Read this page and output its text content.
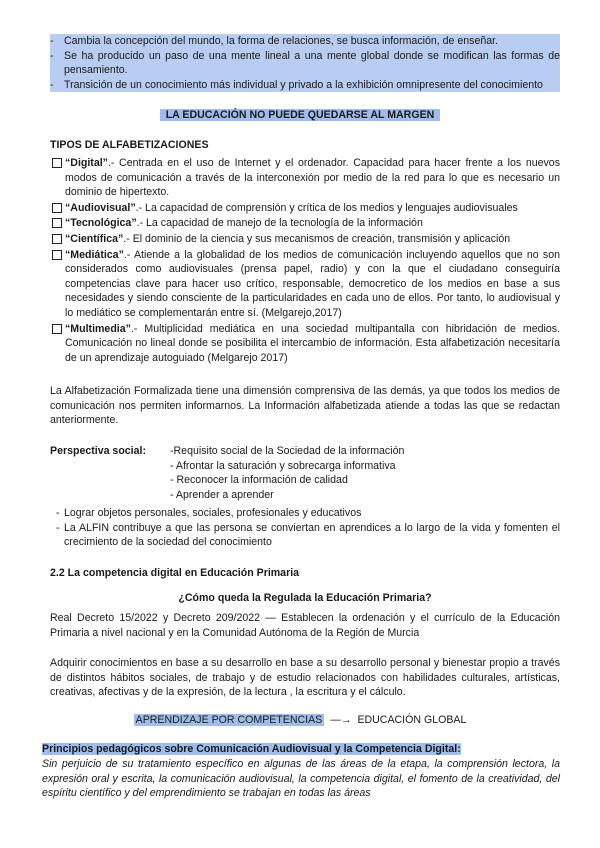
- Cambia la concepción del mundo, la forma de relaciones, se busca información, de enseñar.
- Se ha producido un paso de una mente lineal a una mente global donde se modifican las formas de pensamiento.
- Transición de un conocimiento más individual y privado a la exhibición omnipresente del conocimiento
LA EDUCACIÓN NO PUEDE QUEDARSE AL MARGEN
TIPOS DE ALFABETIZACIONES
“Digital”.- Centrada en el uso de Internet y el ordenador. Capacidad para hacer frente a los nuevos modos de comunicación a través de la interconexión por medio de la red para lo que es necesario un dominio de hipertexto.
“Audiovisual”.- La capacidad de comprensión y crítica de los medios y lenguajes audiovisuales
“Tecnológica”.- La capacidad de manejo de la tecnología de la información
“Científica”.- El dominio de la ciencia y sus mecanismos de creación, transmisión y aplicación
“Mediática”.- Atiende a la globalidad de los medios de comunicación incluyendo aquellos que no son considerados como audiovisuales (prensa papel, radio) y con la que el ciudadano conseguiría competencias clave para hacer uso crítico, responsable, democretico de los medios en base a sus necesidades y siendo consciente de la particularidades en cada uno de ellos. Por tanto, lo audiovisual y lo mediático se complementarán entre sí. (Melgarejo,2017)
“Multimedia”.- Multiplicidad mediática en una sociedad multipantalla con hibridación de medios. Comunicación no lineal donde se posibilita el intercambio de información. Esta alfabetización necesitaría de un aprendizaje autoguiado (Melgarejo 2017)
La Alfabetización Formalizada tiene una dimensión comprensiva de las demás, ya que todos los medios de comunicación nos permiten informarnos. La Información alfabetizada atiende a todas las que se redactan anteriormente.
Perspectiva social:	-Requisito social de la Sociedad de la información
- Afrontar la saturación y sobrecarga informativa
- Reconocer la información de calidad
- Aprender a aprender
- Lograr objetos personales, sociales, profesionales y educativos
- La ALFIN contribuye a que las persona se conviertan en aprendices a lo largo de la vida y fomenten el crecimiento de la sociedad del conocimiento
2.2 La competencia digital en Educación Primaria
¿Cómo queda la Regulada la Educación Primaria?
Real Decreto 15/2022 y Decreto 209/2022 — Establecen la ordenación y el currículo de la Educación Primaria a nivel nacional y en la Comunidad Autónoma de la Región de Murcia
Adquirir conocimientos en base a su desarrollo en base a su desarrollo personal y bienestar propio a través de distintos hábitos sociales, de trabajo y de estudio relacionados con habilidades culturales, artísticas, creativas, afectivas y de la expresión, de la lectura , la escritura y el cálculo.
APRENDIZAJE POR COMPETENCIAS —→ EDUCACIÓN GLOBAL
Principios pedagógicos sobre Comunicación Audiovisual y la Competencia Digital:
Sin perjuicio de su tratamiento específico en algunas de las áreas de la etapa, la comprensión lectora, la expresión oral y escrita, la comunicación audiovisual, la competencia digital, el fomento de la creatividad, del espíritu científico y del emprendimiento se trabajan en todas las áreas
